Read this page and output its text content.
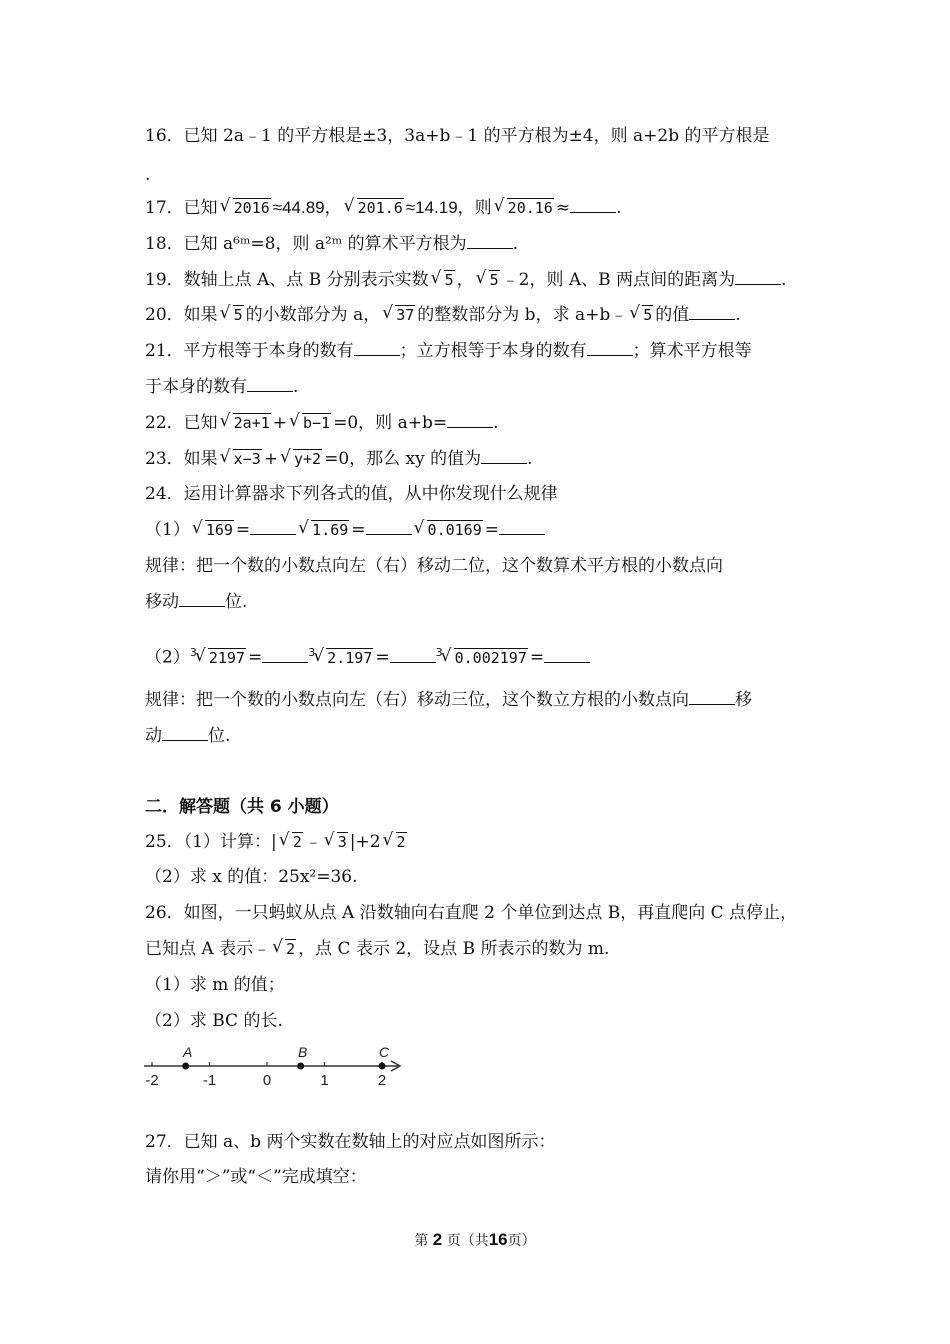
16．已知 2a﹣1 的平方根是±3，3a+b﹣1 的平方根为±4，则 a+2b 的平方根是
.
17．已知√ 2016 ≈44.89，√ 201.6 ≈14.19，则√ 20.16 ≈	.
18．已知 a⁶ᵐ=8，则 a²ᵐ 的算术平方根为	.
19．数轴上点 A、点 B 分别表示实数√ 5 ，√ 5 ﹣2，则 A、B 两点间的距离为	.
20．如果√ 5 的小数部分为 a，√ 37 的整数部分为 b，求 a+b﹣√ 5 的值	.
21．平方根等于本身的数有	；立方根等于本身的数有	；算术平方根等
于本身的数有	.
22．已知√ 2a+1 +√ b−1 =0，则 a+b=	.
23．如果√ x−3 +√ y+2 =0，那么 xy 的值为	.
24．运用计算器求下列各式的值，从中你发现什么规律
（1）√ 169 =√	1.69 =√	0.0169 =
规律：把一个数的小数点向左（右）移动二位，这个数算术平方根的小数点向
移动	位.
$(2)^3√$ 2197 =	$^3$√ 2.197 =	$^3$√ 0.002197 =
规律：把一个数的小数点向左（右）移动三位，这个数立方根的小数点向	移
动	位.
二．解答题（共 6 小题）
25．（1）计算：|√ 2 ﹣√ 3 |+2√ 2
（2）求 x 的值：25x²=36.
26．如图，一只蚂蚁从点 A 沿数轴向右直爬 2 个单位到达点 B，再直爬向 C 点停止，
已知点 A 表示﹣√ 2 ，点 C 表示 2，设点 B 所表示的数为 m.
（1）求 m 的值；
（2）求 BC 的长.
-2	-1	0	1	2
A	B	C
27．已知 a、b 两个实数在数轴上的对应点如图所示：
请你用“＞”或“＜”完成填空：
第 2 页（共16页）
